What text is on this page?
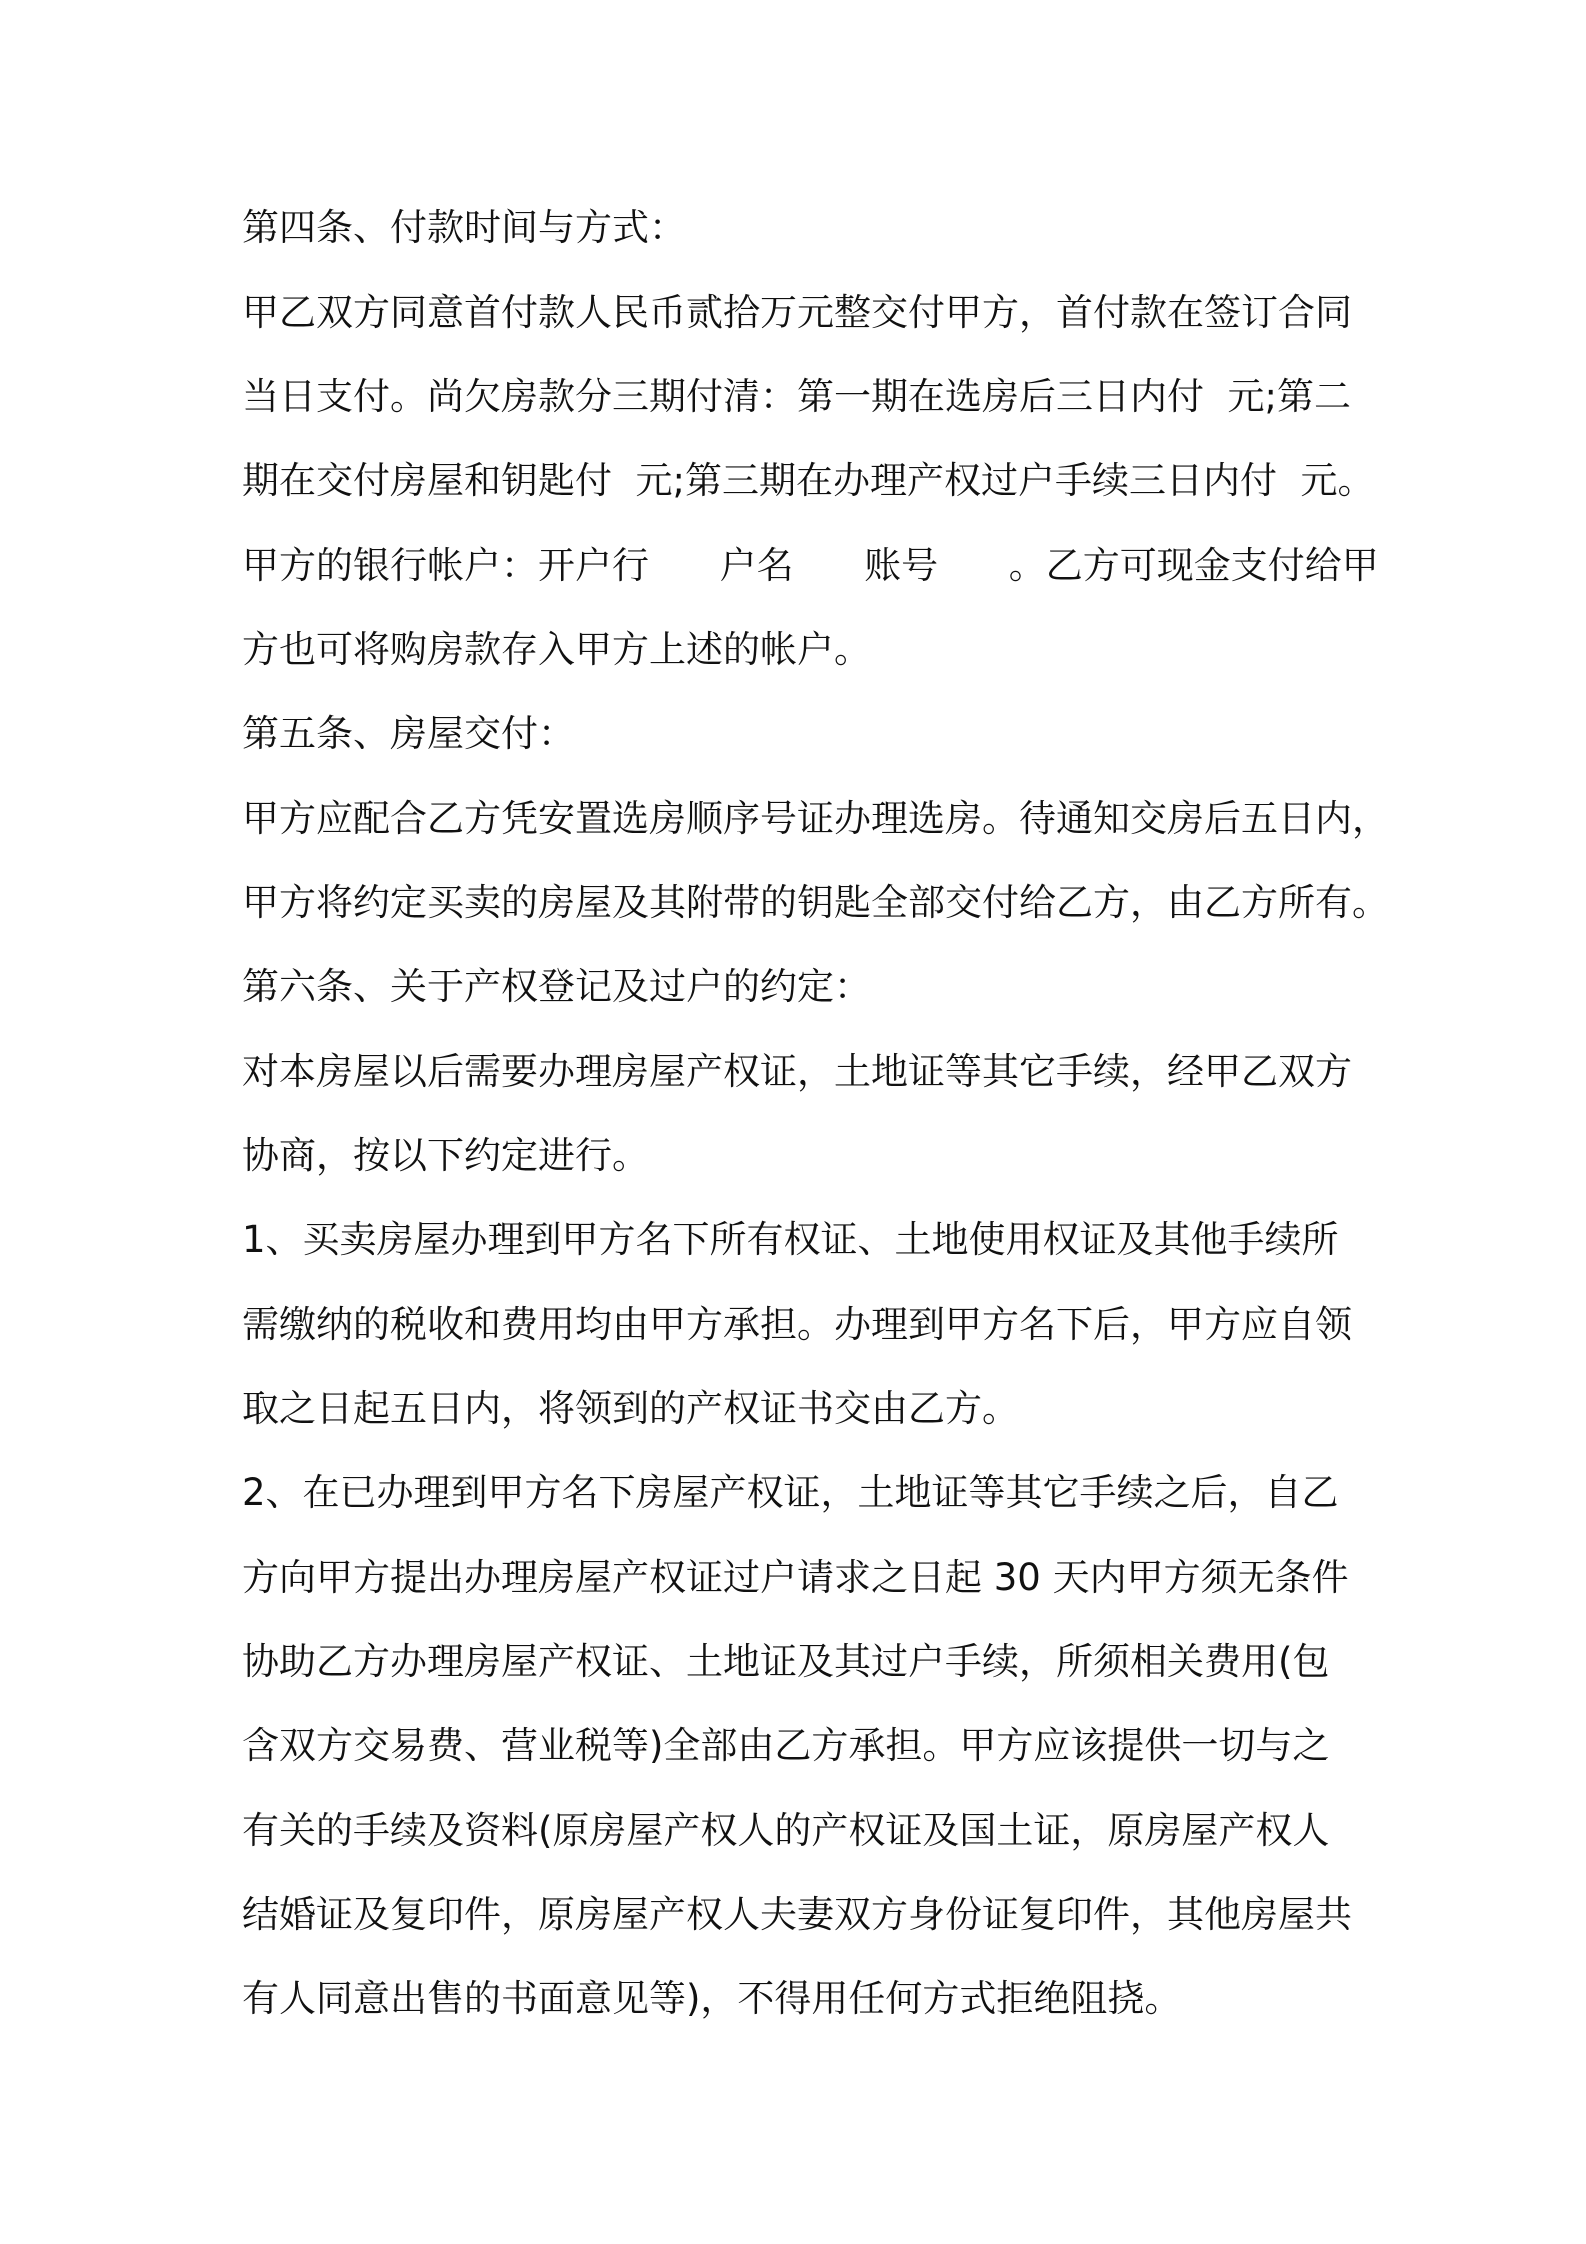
第四条、付款时间与方式：
甲乙双方同意首付款人民币贰拾万元整交付甲方，首付款在签订合同
当日支付。尚欠房款分三期付清：第一期在选房后三日内付  元;第二
期在交付房屋和钥匙付  元;第三期在办理产权过户手续三日内付  元。
甲方的银行帐户：开户行      户名      账号      。乙方可现金支付给甲
方也可将购房款存入甲方上述的帐户。
第五条、房屋交付：
甲方应配合乙方凭安置选房顺序号证办理选房。待通知交房后五日内，
甲方将约定买卖的房屋及其附带的钥匙全部交付给乙方，由乙方所有。
第六条、关于产权登记及过户的约定：
对本房屋以后需要办理房屋产权证，土地证等其它手续，经甲乙双方
协商，按以下约定进行。
1、买卖房屋办理到甲方名下所有权证、土地使用权证及其他手续所
需缴纳的税收和费用均由甲方承担。办理到甲方名下后，甲方应自领
取之日起五日内，将领到的产权证书交由乙方。
2、在已办理到甲方名下房屋产权证，土地证等其它手续之后，自乙
方向甲方提出办理房屋产权证过户请求之日起 30 天内甲方须无条件
协助乙方办理房屋产权证、土地证及其过户手续，所须相关费用(包
含双方交易费、营业税等)全部由乙方承担。甲方应该提供一切与之
有关的手续及资料(原房屋产权人的产权证及国土证，原房屋产权人
结婚证及复印件，原房屋产权人夫妻双方身份证复印件，其他房屋共
有人同意出售的书面意见等)，不得用任何方式拒绝阻挠。
